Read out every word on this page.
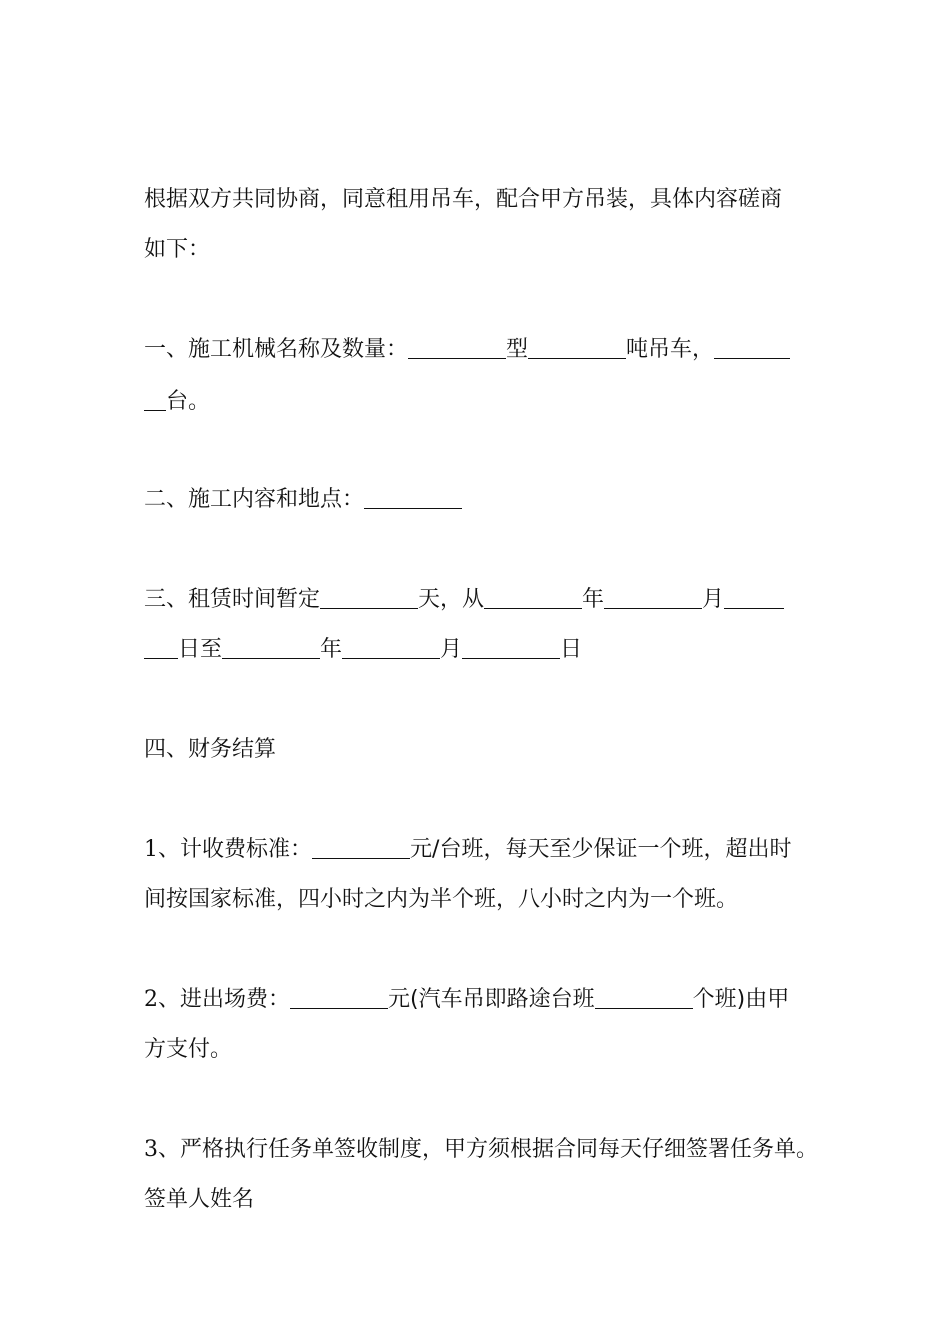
根据双方共同协商，同意租用吊车，配合甲方吊装，具体内容磋商
如下：
一、施工机械名称及数量：	型	吨吊车，
台。
二、施工内容和地点：
三、租赁时间暂定	天，从	年	月
日至	年	月	日
四、财务结算
1、计收费标准：	元/台班，每天至少保证一个班，超出时
间按国家标准，四小时之内为半个班，八小时之内为一个班。
2、进出场费：	元(汽车吊即路途台班	个班)由甲
方支付。
3、严格执行任务单签收制度，甲方须根据合同每天仔细签署任务单。
签单人姓名
